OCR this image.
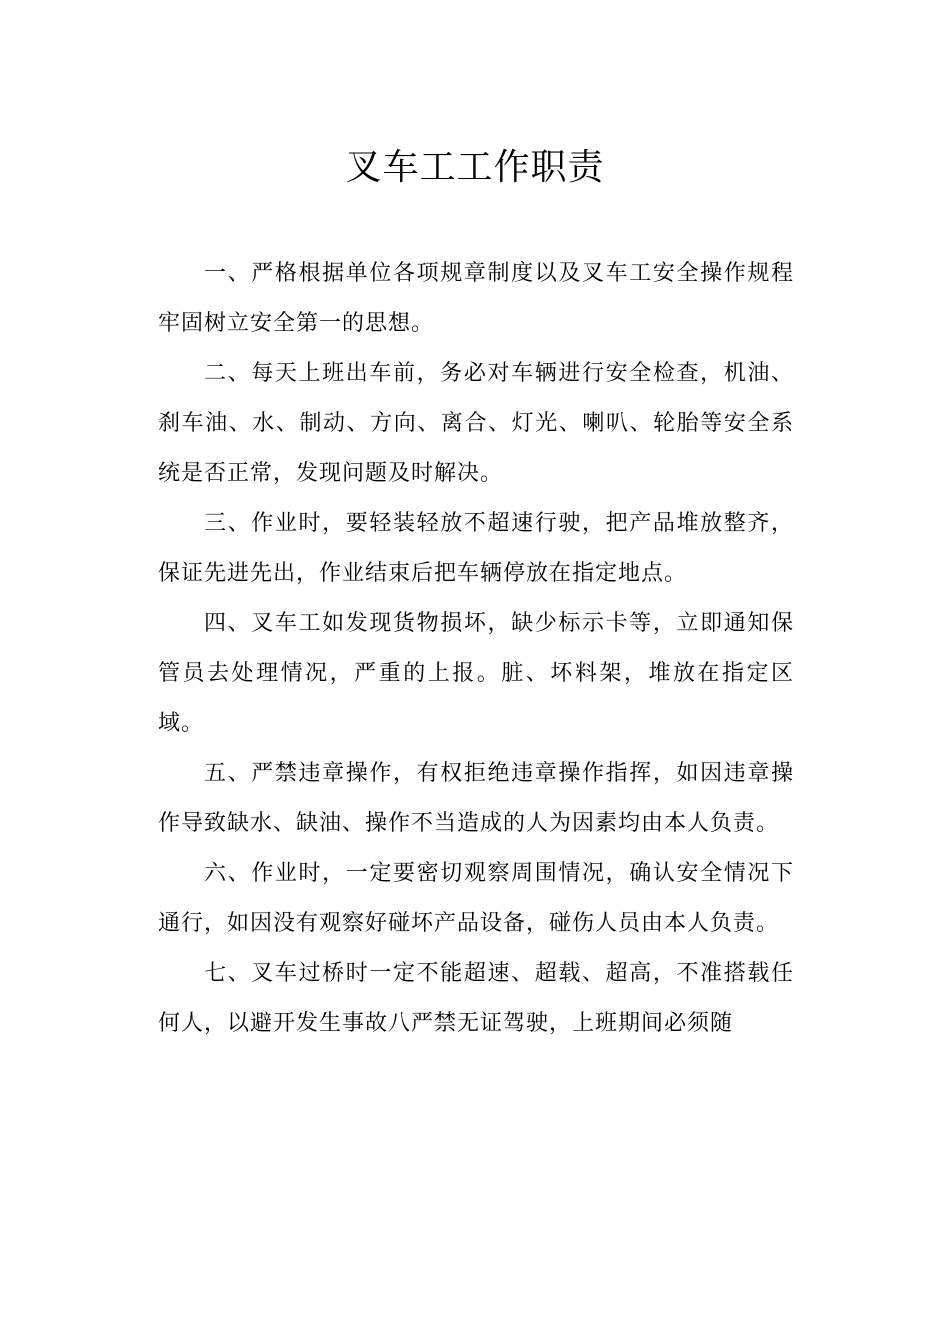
叉车工工作职责

一、严格根据单位各项规章制度以及叉车工安全操作规程牢固树立安全第一的思想。

二、每天上班出车前，务必对车辆进行安全检查，机油、刹车油、水、制动、方向、离合、灯光、喇叭、轮胎等安全系统是否正常，发现问题及时解决。

三、作业时，要轻装轻放不超速行驶，把产品堆放整齐，保证先进先出，作业结束后把车辆停放在指定地点。

四、叉车工如发现货物损坏，缺少标示卡等，立即通知保管员去处理情况，严重的上报。脏、坏料架，堆放在指定区域。

五、严禁违章操作，有权拒绝违章操作指挥，如因违章操作导致缺水、缺油、操作不当造成的人为因素均由本人负责。

六、作业时，一定要密切观察周围情况，确认安全情况下通行，如因没有观察好碰坏产品设备，碰伤人员由本人负责。

七、叉车过桥时一定不能超速、超载、超高，不准搭载任何人，以避开发生事故八严禁无证驾驶，上班期间必须随
